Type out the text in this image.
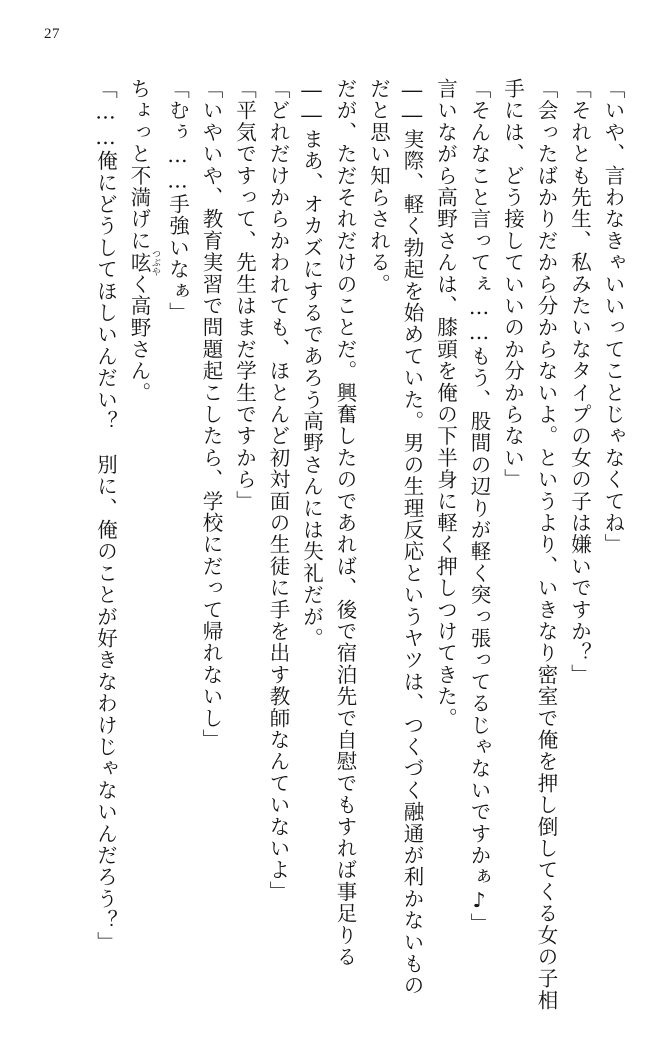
27

「いや、言わなきゃいいってことじゃなくてね」

「それとも先生、私みたいなタイプの女の子は嫌いですか？」

「会ったばかりだから分からないよ。というより、いきなり密室で俺を押し倒してくる女の子相手には、どう接していいのか分からない」

「そんなこと言ってぇ……もう、股間の辺りが軽く突っ張ってるじゃないですかぁ♪」

言いながら高野さんは、膝頭を俺の下半身に軽く押しつけてきた。

――実際、軽く勃起を始めていた。男の生理反応というヤツは、つくづく融通が利かないものだと思い知らされる。

だが、ただそれだけのことだ。興奮したのであれば、後で宿泊先で自慰でもすれば事足りる――まあ、オカズにするであろう高野さんには失礼だが。

「どれだけからかわれても、ほとんど初対面の生徒に手を出す教師なんていないよ」

「平気ですって、先生はまだ学生ですから」

「いやいや、教育実習で問題起こしたら、学校にだって帰れないし」

「むぅ……手強いなぁ」

ちょっと不満げに呟 つぶやく高野さん。

「……俺にどうしてほしいんだい？　別に、俺のことが好きなわけじゃないんだろう？」
